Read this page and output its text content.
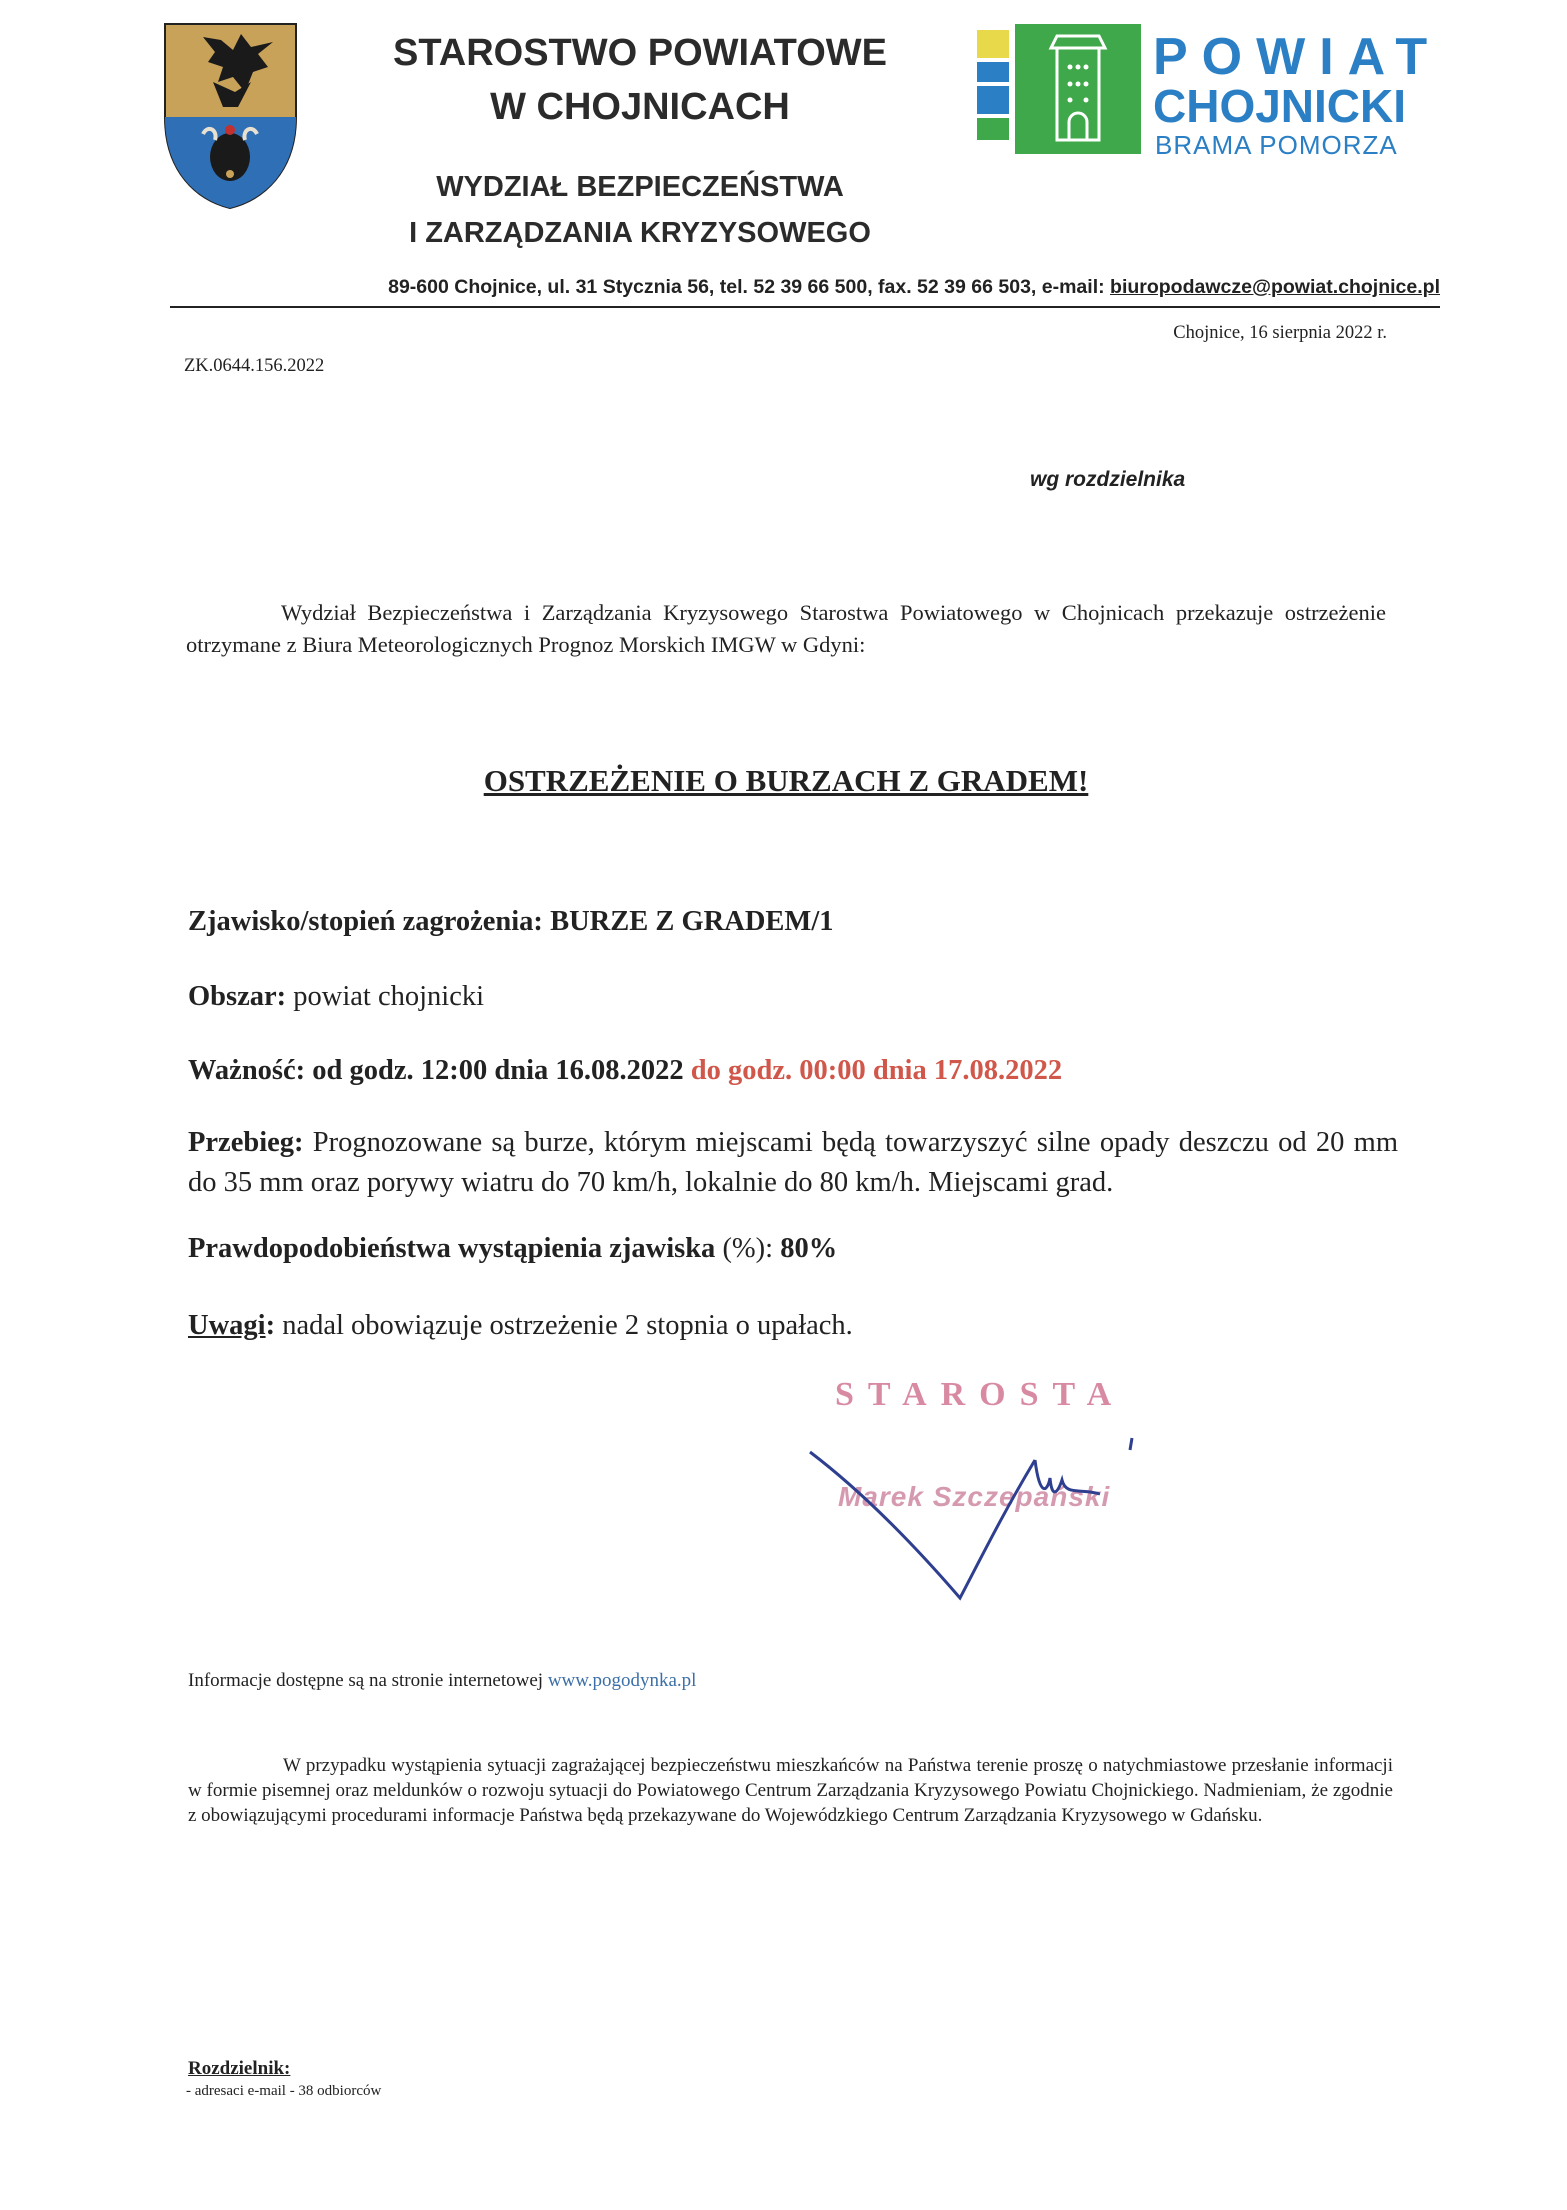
STAROSTWO POWIATOWE
W CHOJNICACH
WYDZIAŁ BEZPIECZEŃSTWA
I ZARZĄDZANIA KRYZYSOWEGO
POWIAT
CHOJNICKI
BRAMA POMORZA
89-600 Chojnice, ul. 31 Stycznia 56, tel. 52 39 66 500, fax. 52 39 66 503, e-mail: biuropodawcze@powiat.chojnice.pl
Chojnice, 16 sierpnia 2022 r.
ZK.0644.156.2022
wg rozdzielnika
Wydział Bezpieczeństwa i Zarządzania Kryzysowego Starostwa Powiatowego w Chojnicach przekazuje ostrzeżenie otrzymane z Biura Meteorologicznych Prognoz Morskich IMGW w Gdyni:
OSTRZEŻENIE O BURZACH Z GRADEM!
Zjawisko/stopień zagrożenia: BURZE Z GRADEM/1
Obszar: powiat chojnicki
Ważność: od godz. 12:00 dnia 16.08.2022 do godz. 00:00 dnia 17.08.2022
Przebieg: Prognozowane są burze, którym miejscami będą towarzyszyć silne opady deszczu od 20 mm do 35 mm oraz porywy wiatru do 70 km/h, lokalnie do 80 km/h. Miejscami grad.
Prawdopodobieństwa wystąpienia zjawiska (%): 80%
Uwagi: nadal obowiązuje ostrzeżenie 2 stopnia o upałach.
STAROSTA
Marek Szczepański
Informacje dostępne są na stronie internetowej www.pogodynka.pl
W przypadku wystąpienia sytuacji zagrażającej bezpieczeństwu mieszkańców na Państwa terenie proszę o natychmiastowe przesłanie informacji w formie pisemnej oraz meldunków o rozwoju sytuacji do Powiatowego Centrum Zarządzania Kryzysowego Powiatu Chojnickiego. Nadmieniam, że zgodnie z obowiązującymi procedurami informacje Państwa będą przekazywane do Wojewódzkiego Centrum Zarządzania Kryzysowego w Gdańsku.
Rozdzielnik:
- adresaci e-mail - 38 odbiorców
